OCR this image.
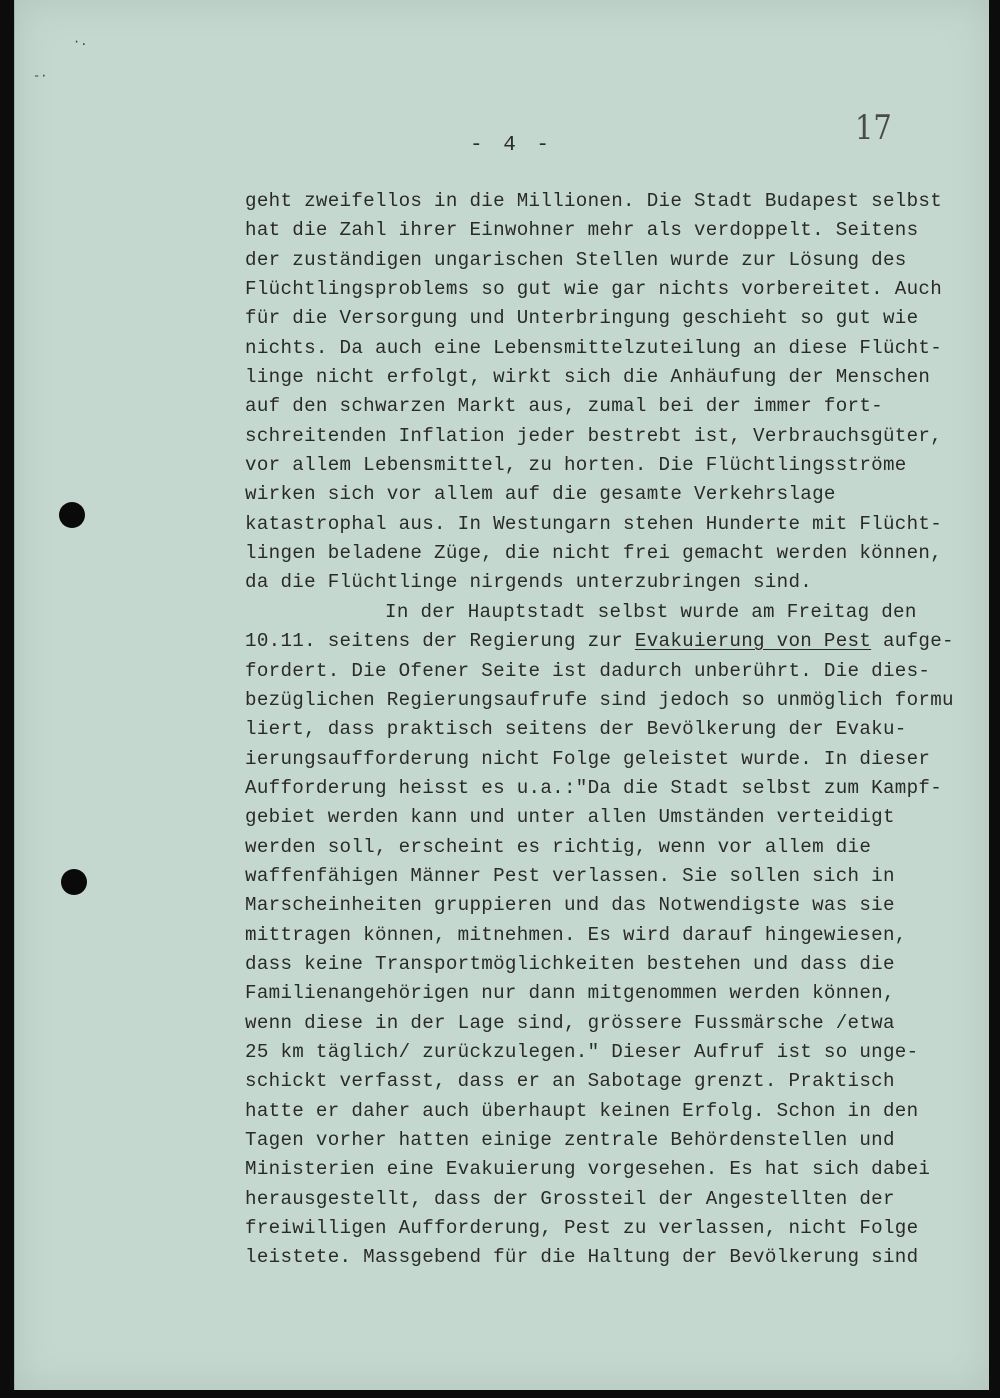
·.
-·
- 4 -	17
geht zweifellos in die Millionen. Die Stadt Budapest selbst
hat die Zahl ihrer Einwohner mehr als verdoppelt. Seitens
der zuständigen ungarischen Stellen wurde zur Lösung des
Flüchtlingsproblems so gut wie gar nichts vorbereitet. Auch
für die Versorgung und Unterbringung geschieht so gut wie
nichts. Da auch eine Lebensmittelzuteilung an diese Flücht-
linge nicht erfolgt, wirkt sich die Anhäufung der Menschen
auf den schwarzen Markt aus, zumal bei der immer fort-
schreitenden Inflation jeder bestrebt ist, Verbrauchsgüter,
vor allem Lebensmittel, zu horten. Die Flüchtlingsströme
wirken sich vor allem auf die gesamte Verkehrslage
katastrophal aus. In Westungarn stehen Hunderte mit Flücht-
lingen beladene Züge, die nicht frei gemacht werden können,
da die Flüchtlinge nirgends unterzubringen sind.
In der Hauptstadt selbst wurde am Freitag den
10.11. seitens der Regierung zur Evakuierung von Pest aufge-
fordert. Die Ofener Seite ist dadurch unberührt. Die dies-
bezüglichen Regierungsaufrufe sind jedoch so unmöglich formu
liert, dass praktisch seitens der Bevölkerung der Evaku-
ierungsaufforderung nicht Folge geleistet wurde. In dieser
Aufforderung heisst es u.a.:"Da die Stadt selbst zum Kampf-
gebiet werden kann und unter allen Umständen verteidigt
werden soll, erscheint es richtig, wenn vor allem die
waffenfähigen Männer Pest verlassen. Sie sollen sich in
Marscheinheiten gruppieren und das Notwendigste was sie
mittragen können, mitnehmen. Es wird darauf hingewiesen,
dass keine Transportmöglichkeiten bestehen und dass die
Familienangehörigen nur dann mitgenommen werden können,
wenn diese in der Lage sind, grössere Fussmärsche /etwa
25 km täglich/ zurückzulegen." Dieser Aufruf ist so unge-
schickt verfasst, dass er an Sabotage grenzt. Praktisch
hatte er daher auch überhaupt keinen Erfolg. Schon in den
Tagen vorher hatten einige zentrale Behördenstellen und
Ministerien eine Evakuierung vorgesehen. Es hat sich dabei
herausgestellt, dass der Grossteil der Angestellten der
freiwilligen Aufforderung, Pest zu verlassen, nicht Folge
leistete. Massgebend für die Haltung der Bevölkerung sind
